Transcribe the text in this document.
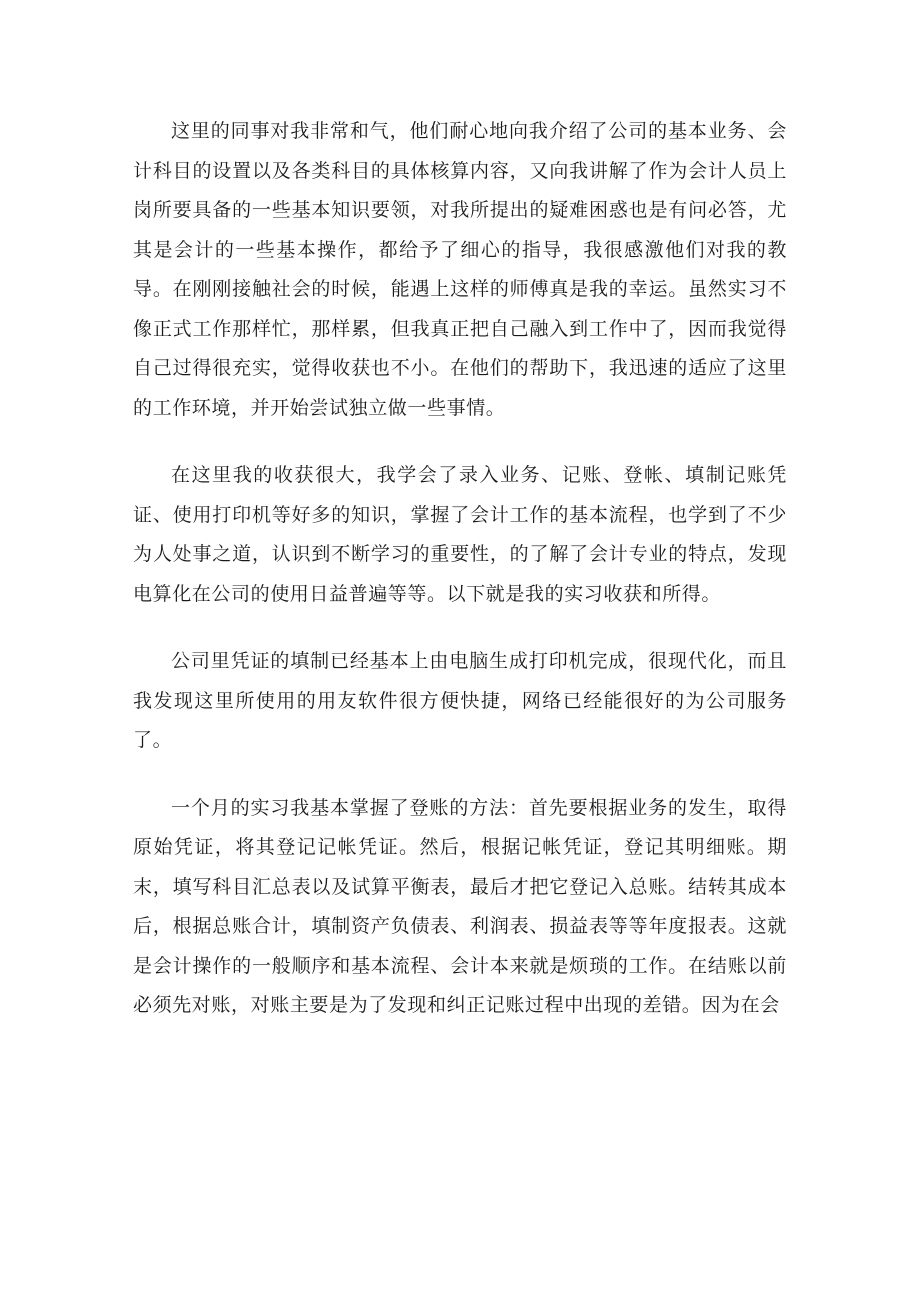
这里的同事对我非常和气，他们耐心地向我介绍了公司的基本业务、会计科目的设置以及各类科目的具体核算内容，又向我讲解了作为会计人员上岗所要具备的一些基本知识要领，对我所提出的疑难困惑也是有问必答，尤其是会计的一些基本操作，都给予了细心的指导，我很感激他们对我的教导。在刚刚接触社会的时候，能遇上这样的师傅真是我的幸运。虽然实习不像正式工作那样忙，那样累，但我真正把自己融入到工作中了，因而我觉得自己过得很充实，觉得收获也不小。在他们的帮助下，我迅速的适应了这里的工作环境，并开始尝试独立做一些事情。

在这里我的收获很大，我学会了录入业务、记账、登帐、填制记账凭证、使用打印机等好多的知识，掌握了会计工作的基本流程，也学到了不少为人处事之道，认识到不断学习的重要性，的了解了会计专业的特点，发现电算化在公司的使用日益普遍等等。以下就是我的实习收获和所得。

公司里凭证的填制已经基本上由电脑生成打印机完成，很现代化，而且我发现这里所使用的用友软件很方便快捷，网络已经能很好的为公司服务了。

一个月的实习我基本掌握了登账的方法：首先要根据业务的发生，取得原始凭证，将其登记记帐凭证。然后，根据记帐凭证，登记其明细账。期末，填写科目汇总表以及试算平衡表，最后才把它登记入总账。结转其成本后，根据总账合计，填制资产负债表、利润表、损益表等等年度报表。这就是会计操作的一般顺序和基本流程、会计本来就是烦琐的工作。在结账以前必须先对账，对账主要是为了发现和纠正记账过程中出现的差错。因为在会
